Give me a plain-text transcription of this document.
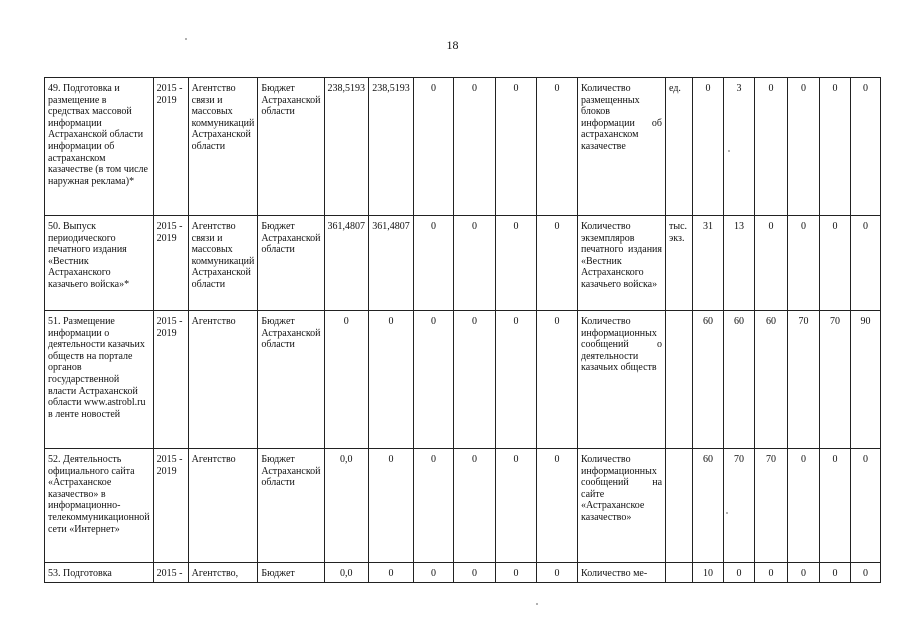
18
49. Подготовка и размещение в средствах массовой информации Астраханской области информации об астраханском казачестве (в том числе наружная реклама)*	2015 - 2019	Агентство связи и массовых коммуникаций Астраханской области	Бюджет Астраханской области	238,5193	238,5193	0	0	0	0	Количество размещенных блоков информации об астраханском казачестве	ед.	0	3	0	0	0	0
50. Выпуск периодического печатного издания «Вестник Астраханского казачьего войска»*	2015 - 2019	Агентство связи и массовых коммуникаций Астраханской области	Бюджет Астраханской области	361,4807	361,4807	0	0	0	0	Количество экземпляров печатного издания «Вестник Астраханского казачьего войска»	тыс. экз.	31	13	0	0	0	0
51. Размещение информации о деятельности казачьих обществ на портале органов государственной власти Астраханской области www.astrobl.ru в ленте новостей	2015 - 2019	Агентство	Бюджет Астраханской области	0	0	0	0	0	0	Количество информационных сообщений о деятельности казачьих обществ		60	60	60	70	70	90
52. Деятельность официального сайта «Астраханское казачество» в информационно-телекоммуникационной сети «Интернет»	2015 - 2019	Агентство	Бюджет Астраханской области	0,0	0	0	0	0	0	Количество информационных сообщений на сайте «Астраханское казачество»		60	70	70	0	0	0
53. Подготовка	2015 -	Агентство,	Бюджет	0,0	0	0	0	0	0	Количество ме-		10	0	0	0	0	0
